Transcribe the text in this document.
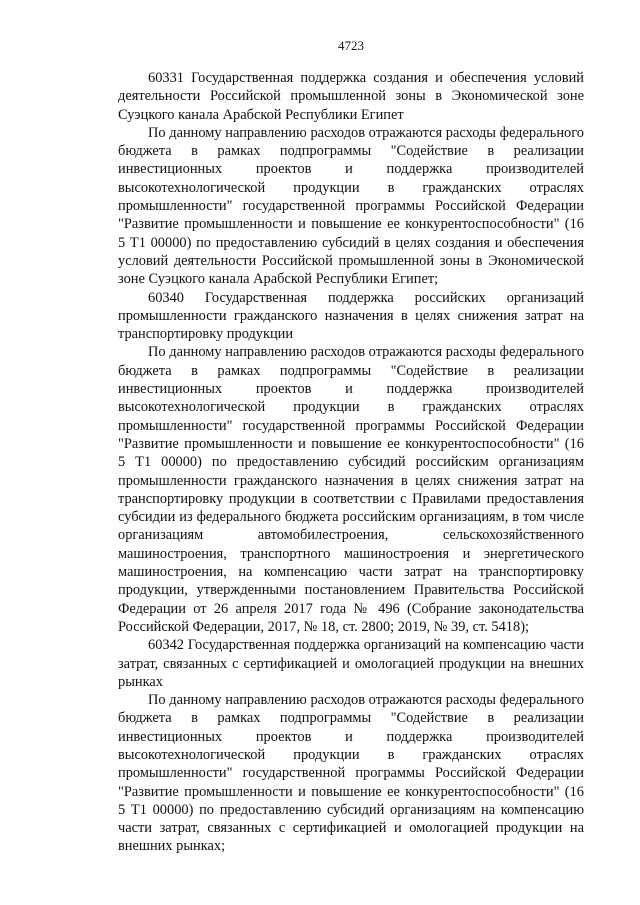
4723

60331 Государственная поддержка создания и обеспечения условий деятельности Российской промышленной зоны в Экономической зоне Суэцкого канала Арабской Республики Египет

По данному направлению расходов отражаются расходы федерального бюджета в рамках подпрограммы "Содействие в реализации инвестиционных проектов и поддержка производителей высокотехнологической продукции в гражданских отраслях промышленности" государственной программы Российской Федерации "Развитие промышленности и повышение ее конкурентоспособности" (16 5 Т1 00000) по предоставлению субсидий в целях создания и обеспечения условий деятельности Российской промышленной зоны в Экономической зоне Суэцкого канала Арабской Республики Египет;

60340 Государственная поддержка российских организаций промышленности гражданского назначения в целях снижения затрат на транспортировку продукции

По данному направлению расходов отражаются расходы федерального бюджета в рамках подпрограммы "Содействие в реализации инвестиционных проектов и поддержка производителей высокотехнологической продукции в гражданских отраслях промышленности" государственной программы Российской Федерации "Развитие промышленности и повышение ее конкурентоспособности" (16 5 Т1 00000) по предоставлению субсидий российским организациям промышленности гражданского назначения в целях снижения затрат на транспортировку продукции в соответствии с Правилами предоставления субсидии из федерального бюджета российским организациям, в том числе организациям автомобилестроения, сельскохозяйственного машиностроения, транспортного машиностроения и энергетического машиностроения, на компенсацию части затрат на транспортировку продукции, утвержденными постановлением Правительства Российской Федерации от 26 апреля 2017 года № 496 (Собрание законодательства Российской Федерации, 2017, № 18, ст. 2800; 2019, № 39, ст. 5418);

60342 Государственная поддержка организаций на компенсацию части затрат, связанных с сертификацией и омологацией продукции на внешних рынках

По данному направлению расходов отражаются расходы федерального бюджета в рамках подпрограммы "Содействие в реализации инвестиционных проектов и поддержка производителей высокотехнологической продукции в гражданских отраслях промышленности" государственной программы Российской Федерации "Развитие промышленности и повышение ее конкурентоспособности" (16 5 Т1 00000) по предоставлению субсидий организациям на компенсацию части затрат, связанных с сертификацией и омологацией продукции на внешних рынках;
